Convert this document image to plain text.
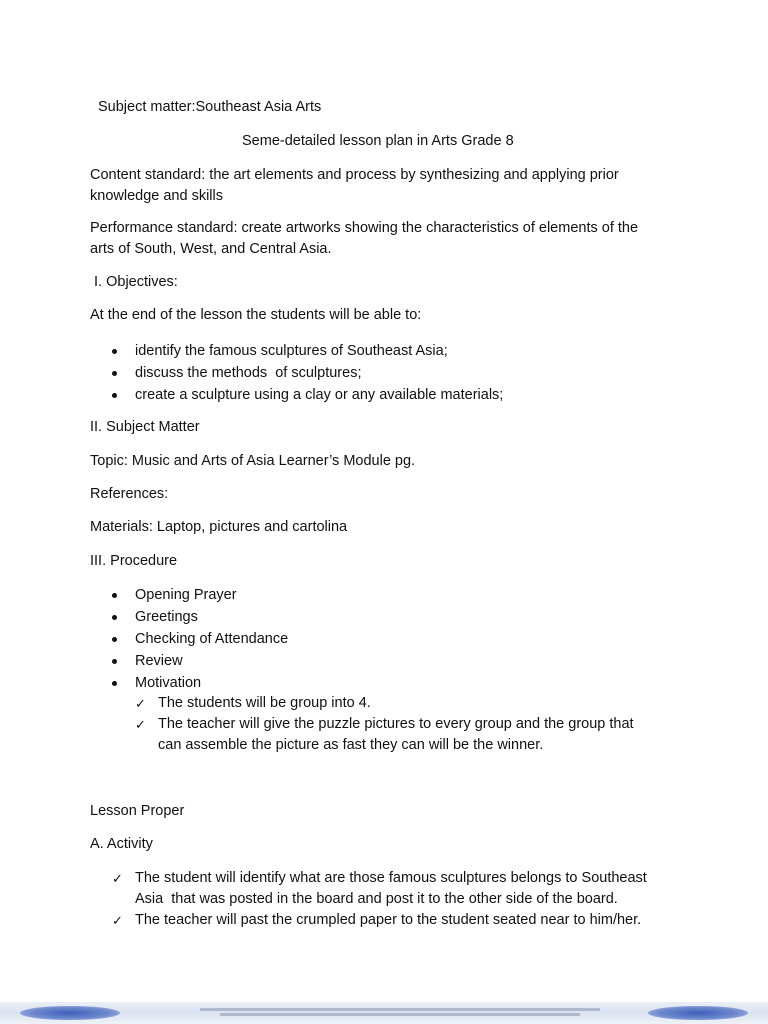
Subject matter:Southeast Asia Arts
Seme-detailed lesson plan in Arts Grade 8
Content standard: the art elements and process by synthesizing and applying prior
knowledge and skills
Performance standard: create artworks showing the characteristics of elements of the
arts of South, West, and Central Asia.
I. Objectives:
At the end of the lesson the students will be able to:
identify the famous sculptures of Southeast Asia;
discuss the methods  of sculptures;
create a sculpture using a clay or any available materials;
II. Subject Matter
Topic: Music and Arts of Asia Learner’s Module pg.
References:
Materials: Laptop, pictures and cartolina
III. Procedure
Opening Prayer
Greetings
Checking of Attendance
Review
Motivation
✓ The students will be group into 4.
✓ The teacher will give the puzzle pictures to every group and the group that
can assemble the picture as fast they can will be the winner.
Lesson Proper
A. Activity
✓ The student will identify what are those famous sculptures belongs to Southeast
Asia  that was posted in the board and post it to the other side of the board.
✓ The teacher will past the crumpled paper to the student seated near to him/her.
